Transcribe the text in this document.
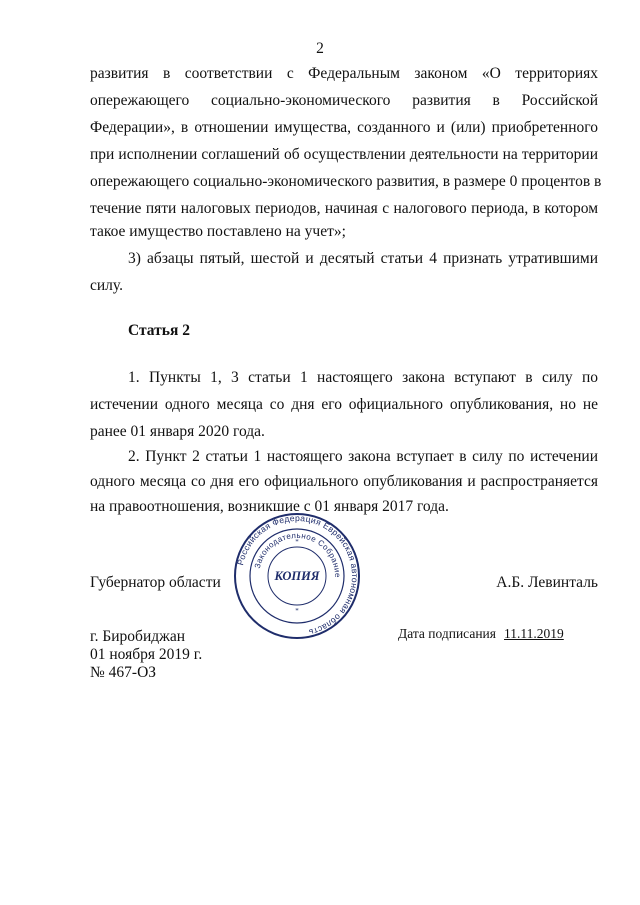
2
развития в соответствии с Федеральным законом «О территориях
опережающего социально-экономического развития в Российской
Федерации», в отношении имущества, созданного и (или) приобретенного
при исполнении соглашений об осуществлении деятельности на территории
опережающего социально-экономического развития, в размере 0 процентов в
течение пяти налоговых периодов, начиная с налогового периода, в котором
такое имущество поставлено на учет»;
3) абзацы пятый, шестой и десятый статьи 4 признать утратившими
силу.
Статья 2
1. Пункты 1, 3 статьи 1 настоящего закона вступают в силу по
истечении одного месяца со дня его официального опубликования, но не
ранее 01 января 2020 года.
2. Пункт 2 статьи 1 настоящего закона вступает в силу по истечении
одного месяца со дня его официального опубликования и распространяется
на правоотношения, возникшие с 01 января 2017 года.
Российская Федерация Еврейская автономная область
Законодательное Собрание
КОПИЯ
*
*
Губернатор области	А.Б. Левинталь
г. Биробиджан
01 ноября 2019 г.
№ 467-ОЗ
Дата подписания 11.11.2019
